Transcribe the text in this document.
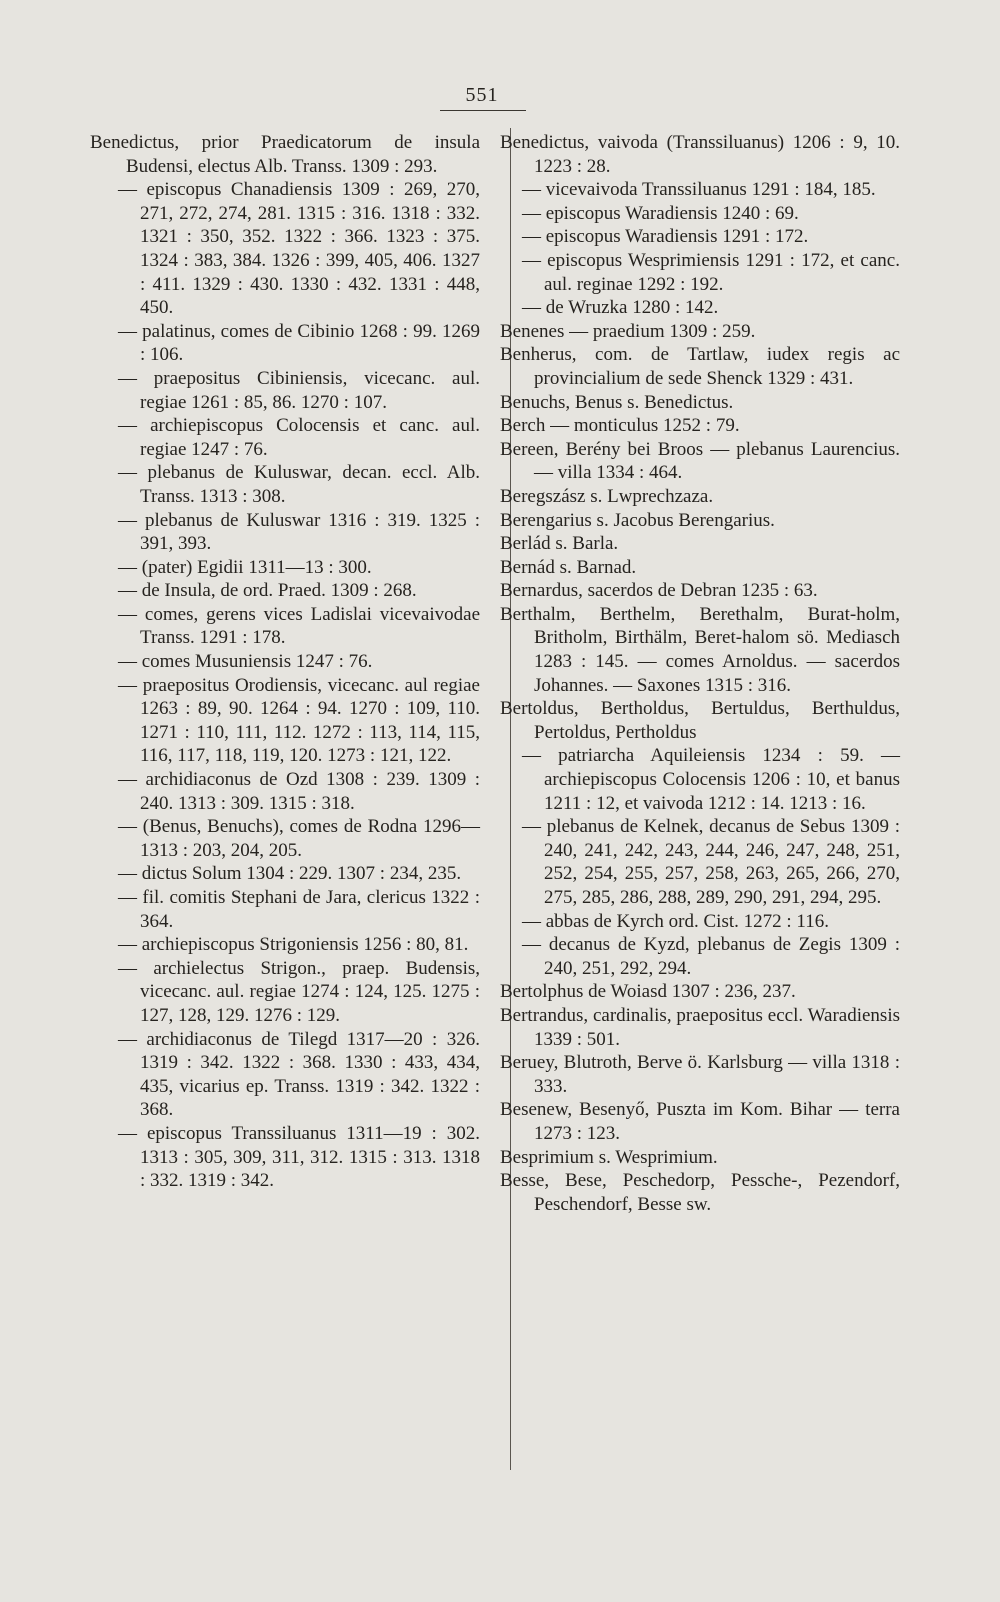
551
Benedictus, prior Praedicatorum de insula Budensi, electus Alb. Transs. 1309 : 293.
— episcopus Chanadiensis 1309 : 269, 270, 271, 272, 274, 281. 1315 : 316. 1318 : 332. 1321 : 350, 352. 1322 : 366. 1323 : 375. 1324 : 383, 384. 1326 : 399, 405, 406. 1327 : 411. 1329 : 430. 1330 : 432. 1331 : 448, 450.
— palatinus, comes de Cibinio 1268 : 99. 1269 : 106.
— praepositus Cibiniensis, vicecanc. aul. regiae 1261 : 85, 86. 1270 : 107.
— archiepiscopus Colocensis et canc. aul. regiae 1247 : 76.
— plebanus de Kuluswar, decan. eccl. Alb. Transs. 1313 : 308.
— plebanus de Kuluswar 1316 : 319. 1325 : 391, 393.
— (pater) Egidii 1311—13 : 300.
— de Insula, de ord. Praed. 1309 : 268.
— comes, gerens vices Ladislai vicevaivodae Transs. 1291 : 178.
— comes Musuniensis 1247 : 76.
— praepositus Orodiensis, vicecanc. aul regiae 1263 : 89, 90. 1264 : 94. 1270 : 109, 110. 1271 : 110, 111, 112. 1272 : 113, 114, 115, 116, 117, 118, 119, 120. 1273 : 121, 122.
— archidiaconus de Ozd 1308 : 239. 1309 : 240. 1313 : 309. 1315 : 318.
— (Benus, Benuchs), comes de Rodna 1296—1313 : 203, 204, 205.
— dictus Solum 1304 : 229. 1307 : 234, 235.
— fil. comitis Stephani de Jara, clericus 1322 : 364.
— archiepiscopus Strigoniensis 1256 : 80, 81.
— archielectus Strigon., praep. Budensis, vicecanc. aul. regiae 1274 : 124, 125. 1275 : 127, 128, 129. 1276 : 129.
— archidiaconus de Tilegd 1317—20 : 326. 1319 : 342. 1322 : 368. 1330 : 433, 434, 435, vicarius ep. Transs. 1319 : 342. 1322 : 368.
— episcopus Transsiluanus 1311—19 : 302. 1313 : 305, 309, 311, 312. 1315 : 313. 1318 : 332. 1319 : 342.
Benedictus, vaivoda (Transsiluanus) 1206 : 9, 10. 1223 : 28.
— vicevaivoda Transsiluanus 1291 : 184, 185.
— episcopus Waradiensis 1240 : 69.
— episcopus Waradiensis 1291 : 172.
— episcopus Wesprimiensis 1291 : 172, et canc. aul. reginae 1292 : 192.
— de Wruzka 1280 : 142.
Benenes — praedium 1309 : 259.
Benherus, com. de Tartlaw, iudex regis ac provincialium de sede Shenck 1329 : 431.
Benuchs, Benus s. Benedictus.
Berch — monticulus 1252 : 79.
Bereen, Berény bei Broos — plebanus Laurencius. — villa 1334 : 464.
Beregszász s. Lwprechzaza.
Berengarius s. Jacobus Berengarius.
Berlád s. Barla.
Bernád s. Barnad.
Bernardus, sacerdos de Debran 1235 : 63.
Berthalm, Berthelm, Berethalm, Burat-holm, Britholm, Birthälm, Beret-halom sö. Mediasch 1283 : 145. — comes Arnoldus. — sacerdos Johannes. — Saxones 1315 : 316.
Bertoldus, Bertholdus, Bertuldus, Berthuldus, Pertoldus, Pertholdus
— patriarcha Aquileiensis 1234 : 59. — archiepiscopus Colocensis 1206 : 10, et banus 1211 : 12, et vaivoda 1212 : 14. 1213 : 16.
— plebanus de Kelnek, decanus de Sebus 1309 : 240, 241, 242, 243, 244, 246, 247, 248, 251, 252, 254, 255, 257, 258, 263, 265, 266, 270, 275, 285, 286, 288, 289, 290, 291, 294, 295.
— abbas de Kyrch ord. Cist. 1272 : 116.
— decanus de Kyzd, plebanus de Zegis 1309 : 240, 251, 292, 294.
Bertolphus de Woiasd 1307 : 236, 237.
Bertrandus, cardinalis, praepositus eccl. Waradiensis 1339 : 501.
Beruey, Blutroth, Berve ö. Karlsburg — villa 1318 : 333.
Besenew, Besenyő, Puszta im Kom. Bihar — terra 1273 : 123.
Besprimium s. Wesprimium.
Besse, Bese, Peschedorp, Pessche-, Pezendorf, Peschendorf, Besse sw.
